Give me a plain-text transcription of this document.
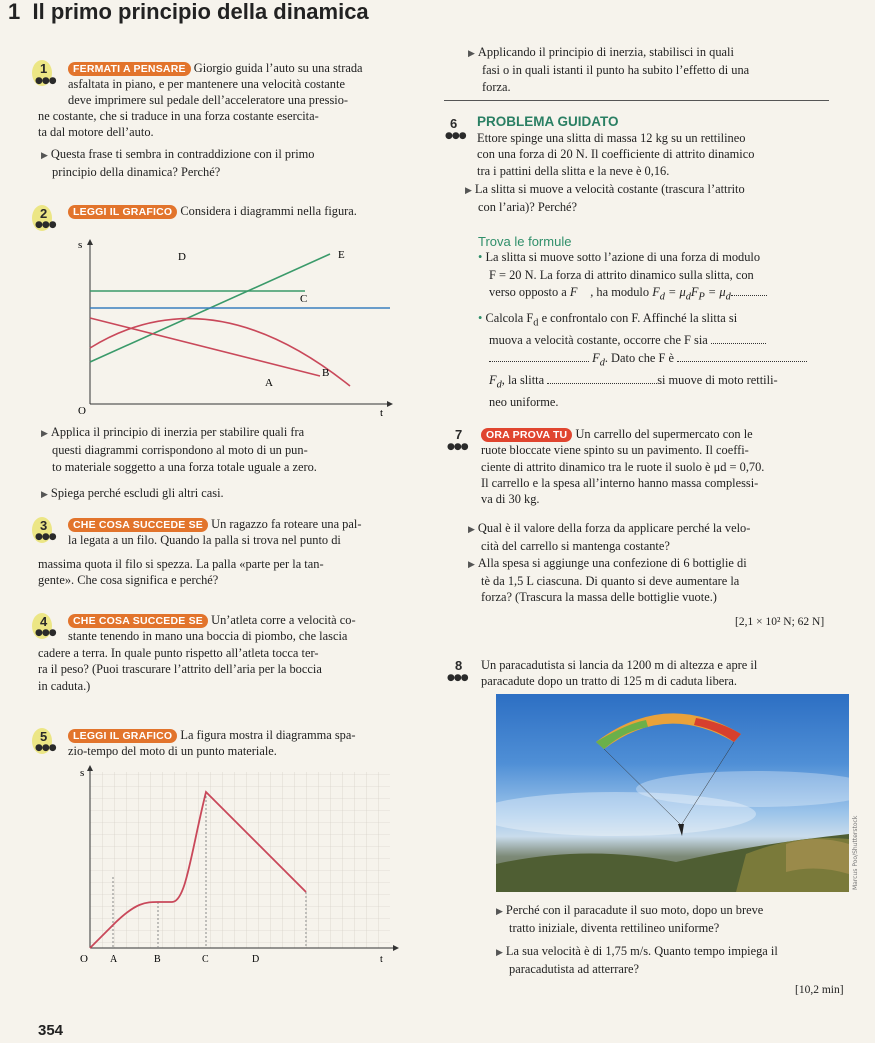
1 Il primo principio della dinamica
1
●●●
FERMATI A PENSARE Giorgio guida l’auto su una strada
asfaltata in piano, e per mantenere una velocità costante
deve imprimere sul pedale dell’acceleratore una pressio-
ne costante, che si traduce in una forza costante esercita-
ta dal motore dell’auto.
▶ Questa frase ti sembra in contraddizione con il primo
principio della dinamica? Perché?
2
●●●
LEGGI IL GRAFICO Considera i diagrammi nella figura.
s
D	E
C
A
B
O	t
▶ Applica il principio di inerzia per stabilire quali fra
questi diagrammi corrispondono al moto di un pun-
to materiale soggetto a una forza totale uguale a zero.
▶ Spiega perché escludi gli altri casi.
3
●●●
CHE COSA SUCCEDE SE Un ragazzo fa roteare una pal-
la legata a un filo. Quando la palla si trova nel punto di
massima quota il filo si spezza. La palla «parte per la tan-
gente». Che cosa significa e perché?
4
●●●
CHE COSA SUCCEDE SE Un’atleta corre a velocità co-
stante tenendo in mano una boccia di piombo, che lascia
cadere a terra. In quale punto rispetto all’atleta tocca ter-
ra il peso? (Puoi trascurare l’attrito dell’aria per la boccia
in caduta.)
5
●●●
LEGGI IL GRAFICO La figura mostra il diagramma spa-
zio-tempo del moto di un punto materiale.
s
O A	B	C	D	t
▶ Applicando il principio di inerzia, stabilisci in quali
fasi o in quali istanti il punto ha subito l’effetto di una
forza.
6
●●●
PROBLEMA GUIDATO
Ettore spinge una slitta di massa 12 kg su un rettilineo
con una forza di 20 N. Il coefficiente di attrito dinamico
tra i pattini della slitta e la neve è 0,16.
▶ La slitta si muove a velocità costante (trascura l’attrito
con l’aria)? Perché?
Trova le formule
• La slitta si muove sotto l’azione di una forza di modulo
F = 20 N. La forza di attrito dinamico sulla slitta, con
verso opposto a F⃗ , ha modulo $F_d = \mu_dF_P = \mu_d$
• Calcola $F_d$ e confrontalo con F. Affinché la slitta si
muova a velocità costante, occorre che F sia
$F_d$. Dato che F è
$F_d$, la slitta	si muove di moto rettili-
neo uniforme.
7
●●●
ORA PROVA TU Un carrello del supermercato con le
ruote bloccate viene spinto su un pavimento. Il coeffi-
ciente di attrito dinamico tra le ruote il suolo è μd = 0,70.
Il carrello e la spesa all’interno hanno massa complessi-
va di 30 kg.
▶ Qual è il valore della forza da applicare perché la velo-
cità del carrello si mantenga costante?
▶ Alla spesa si aggiunge una confezione di 6 bottiglie di
tè da 1,5 L ciascuna. Di quanto si deve aumentare la
forza? (Trascura la massa delle bottiglie vuote.)
[2,1 × 10² N; 62 N]
8
●●●
Un paracadutista si lancia da 1200 m di altezza e apre il
paracadute dopo un tratto di 125 m di caduta libera.
Marcus Poo/Shutterstock
▶ Perché con il paracadute il suo moto, dopo un breve
tratto iniziale, diventa rettilineo uniforme?
▶ La sua velocità è di 1,75 m/s. Quanto tempo impiega il
paracadutista ad atterrare?
[10,2 min]
354
